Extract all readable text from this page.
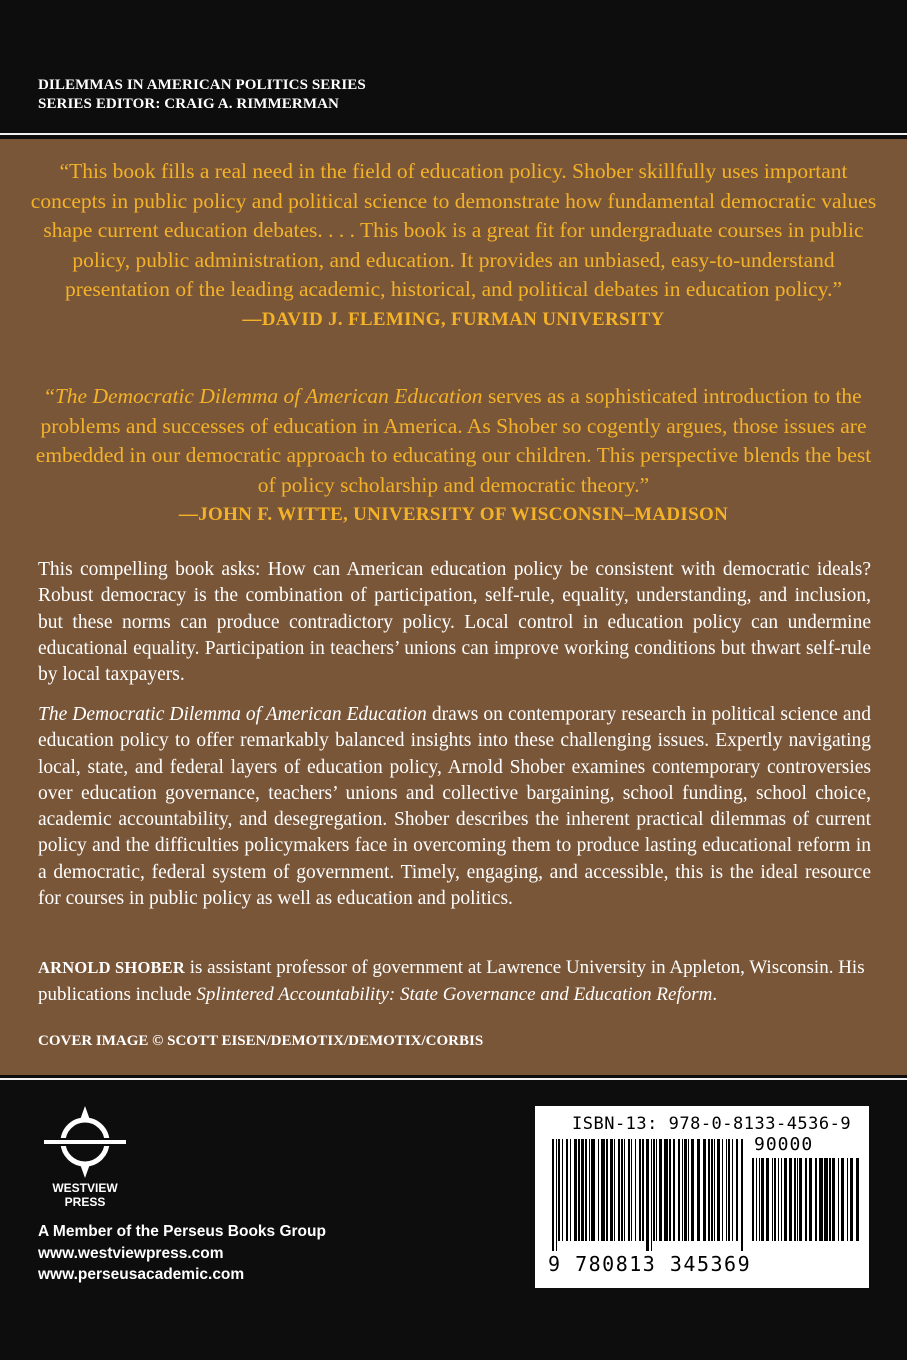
DILEMMAS IN AMERICAN POLITICS SERIES
SERIES EDITOR: CRAIG A. RIMMERMAN
“This book fills a real need in the field of education policy. Shober skillfully uses important concepts in public policy and political science to demonstrate how fundamental democratic values shape current education debates. . . . This book is a great fit for undergraduate courses in public policy, public administration, and education. It provides an unbiased, easy-to-understand presentation of the leading academic, historical, and political debates in education policy.”
—DAVID J. FLEMING, FURMAN UNIVERSITY
“The Democratic Dilemma of American Education serves as a sophisticated introduction to the problems and successes of education in America. As Shober so cogently argues, those issues are embedded in our democratic approach to educating our children. This perspective blends the best of policy scholarship and democratic theory.”
—JOHN F. WITTE, UNIVERSITY OF WISCONSIN–MADISON
This compelling book asks: How can American education policy be consistent with democratic ideals? Robust democracy is the combination of participation, self-rule, equality, understanding, and inclusion, but these norms can produce contradictory policy. Local control in education policy can undermine educational equality. Participation in teachers’ unions can improve working conditions but thwart self-rule by local taxpayers.
The Democratic Dilemma of American Education draws on contemporary research in political science and education policy to offer remarkably balanced insights into these challenging issues. Expertly navigating local, state, and federal layers of education policy, Arnold Shober examines contemporary controversies over education governance, teachers’ unions and collective bargaining, school funding, school choice, academic accountability, and desegregation. Shober describes the inherent practical dilemmas of current policy and the difficulties policymakers face in overcoming them to produce lasting educational reform in a democratic, federal system of government. Timely, engaging, and accessible, this is the ideal resource for courses in public policy as well as education and politics.
ARNOLD SHOBER is assistant professor of government at Lawrence University in Appleton, Wisconsin. His publications include Splintered Accountability: State Governance and Education Reform.
COVER IMAGE © SCOTT EISEN/DEMOTIX/DEMOTIX/CORBIS
WESTVIEW
PRESS
A Member of the Perseus Books Group
www.westviewpress.com
www.perseusacademic.com
ISBN-13: 978-0-8133-4536-9
90000
9 780813 345369
